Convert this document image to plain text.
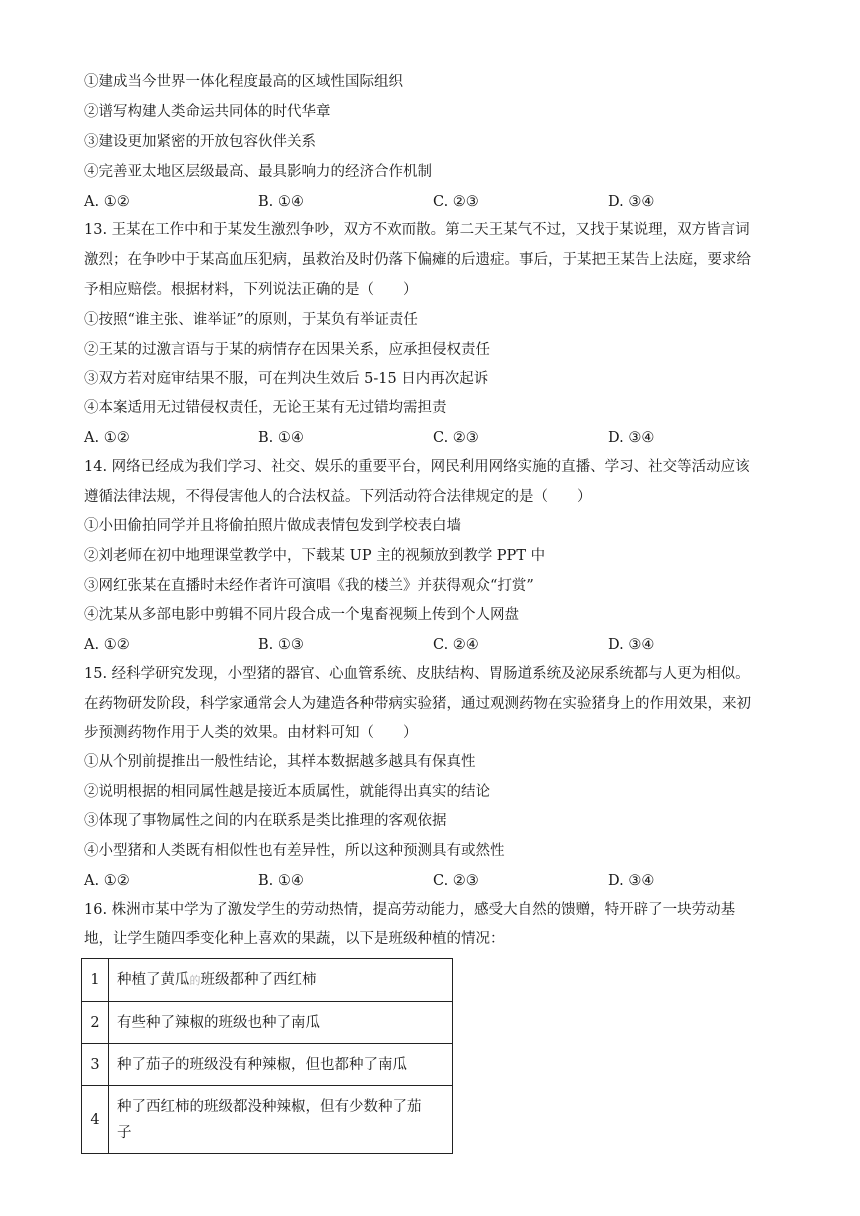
①建成当今世界一体化程度最高的区域性国际组织
②谱写构建人类命运共同体的时代华章
③建设更加紧密的开放包容伙伴关系
④完善亚太地区层级最高、最具影响力的经济合作机制
A. ①②	B. ①④	C. ②③	D. ③④
13. 王某在工作中和于某发生激烈争吵，双方不欢而散。第二天王某气不过，又找于某说理，双方皆言词
激烈；在争吵中于某高血压犯病，虽救治及时仍落下偏瘫的后遗症。事后，于某把王某告上法庭，要求给
予相应赔偿。根据材料，下列说法正确的是（　　）
①按照“谁主张、谁举证”的原则，于某负有举证责任
②王某的过激言语与于某的病情存在因果关系，应承担侵权责任
③双方若对庭审结果不服，可在判决生效后 5-15 日内再次起诉
④本案适用无过错侵权责任，无论王某有无过错均需担责
A. ①②	B. ①④	C. ②③	D. ③④
14. 网络已经成为我们学习、社交、娱乐的重要平台，网民利用网络实施的直播、学习、社交等活动应该
遵循法律法规，不得侵害他人的合法权益。下列活动符合法律规定的是（　　）
①小田偷拍同学并且将偷拍照片做成表情包发到学校表白墙
②刘老师在初中地理课堂教学中，下载某 UP 主的视频放到教学 PPT 中
③网红张某在直播时未经作者许可演唱《我的楼兰》并获得观众“打赏”
④沈某从多部电影中剪辑不同片段合成一个鬼畜视频上传到个人网盘
A. ①②	B. ①③	C. ②④	D. ③④
15. 经科学研究发现，小型猪的器官、心血管系统、皮肤结构、胃肠道系统及泌尿系统都与人更为相似。
在药物研发阶段，科学家通常会人为建造各种带病实验猪，通过观测药物在实验猪身上的作用效果，来初
步预测药物作用于人类的效果。由材料可知（　　）
①从个别前提推出一般性结论，其样本数据越多越具有保真性
②说明根据的相同属性越是接近本质属性，就能得出真实的结论
③体现了事物属性之间的内在联系是类比推理的客观依据
④小型猪和人类既有相似性也有差异性，所以这种预测具有或然性
A. ①②	B. ①④	C. ②③	D. ③④
16. 株洲市某中学为了激发学生的劳动热情，提高劳动能力，感受大自然的馈赠，特开辟了一块劳动基
地，让学生随四季变化种上喜欢的果蔬，以下是班级种植的情况：
1	种植了黄瓜的班级都种了西红柿
2	有些种了辣椒的班级也种了南瓜
3	种了茄子的班级没有种辣椒，但也都种了南瓜
4	种了西红柿的班级都没种辣椒，但有少数种了茄
子
